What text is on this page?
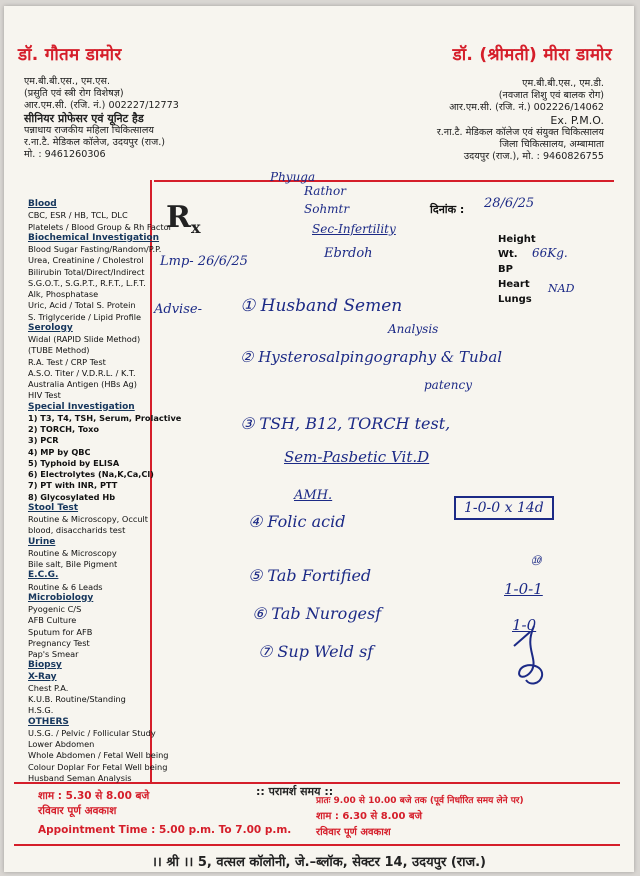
डॉ. गौतम डामोर
एम.बी.बी.एस., एम.एस.
(प्रसुति एवं स्त्री रोग विशेषज्ञ)
आर.एम.सी. (रजि. नं.) 002227/12773
सीनियर प्रोफेसर एवं यूनिट हैड
पन्नाधाय राजकीय महिला चिकित्सालय
र.ना.टै. मेडिकल कॉलेज, उदयपुर (राज.)
मो. : 9461260306
डॉ. (श्रीमती) मीरा डामोर
एम.बी.बी.एस., एम.डी.
(नवजात शिशु एवं बालक रोग)
आर.एम.सी. (रजि. नं.) 002226/14062
Ex. P.M.O.
र.ना.टै. मेडिकल कॉलेज एवं संयुक्त चिकित्सालय
जिला चिकित्सालय, अम्बामाता
उदयपुर (राज.), मो. : 9460826755
Blood
CBC, ESR / HB, TCL, DLC
Platelets / Blood Group & Rh Factor
Biochemical Investigation
Blood Sugar Fasting/Random/P.P.
Urea, Creatinine / Cholestrol
Bilirubin Total/Direct/Indirect
S.G.O.T., S.G.P.T., R.F.T., L.F.T.
Alk, Phosphatase
Uric, Acid / Total S. Protein
S. Triglyceride / Lipid Profile
Serology
Widal (RAPID Slide Method)
(TUBE Method)
R.A. Test / CRP Test
A.S.O. Titer / V.D.R.L. / K.T.
Australia Antigen (HBs Ag)
HIV Test
Special Investigation
1) T3, T4, TSH, Serum, Prolactive
2) TORCH, Toxo
3) PCR
4) MP by QBC
5) Typhoid by ELISA
6) Electrolytes (Na,K,Ca,Cl)
7) PT with INR, PTT
8) Glycosylated Hb
Stool Test
Routine & Microscopy, Occult
blood, disaccharids test
Urine
Routine & Microscopy
Bile salt, Bile Pigment
E.C.G.
Routine & 6 Leads
Microbiology
Pyogenic C/S
AFB Culture
Sputum for AFB
Pregnancy Test
Pap's Smear
Biopsy
X-Ray
Chest P.A.
K.U.B. Routine/Standing
H.S.G.
OTHERS
U.S.G. / Pelvic / Follicular Study
Lower Abdomen
Whole Abdomen / Fetal Well being
Colour Doplar For Fetal Well being
Husband Seman Analysis
$R_x$
दिनांक :
Height
Wt.
BP
Heart
Lungs
Phyuga
Rathor
Sohmtr
Sec-Infertility
Ebrdoh
28/6/25
Lmp- 26/6/25
66Kg.
NAD
Advise- ① Husband Semen
Analysis
② Hysterosalpingography & Tubal
patency
③ TSH, B12, TORCH test,
Sem-Pasbetic Vit.D
AMH.
④ Folic acid
1-0-0 x 14d
⑤ Tab Fortified
⑩
⑥ Tab Nurogesf
1-0-1
⑦ Sup Weld sf
1-0
शाम : 5.30 से 8.00 बजे
रविवार पूर्ण अवकाश
Appointment Time : 5.00 p.m. To 7.00 p.m.
:: परामर्श समय ::
प्रातः 9.00 से 10.00 बजे तक (पूर्व निर्धारित समय लेने पर)
शाम : 6.30 से 8.00 बजे
रविवार पूर्ण अवकाश
।। श्री ।। 5, वत्सल कॉलोनी, जे.–ब्लॉक, सेक्टर 14, उदयपुर (राज.)
